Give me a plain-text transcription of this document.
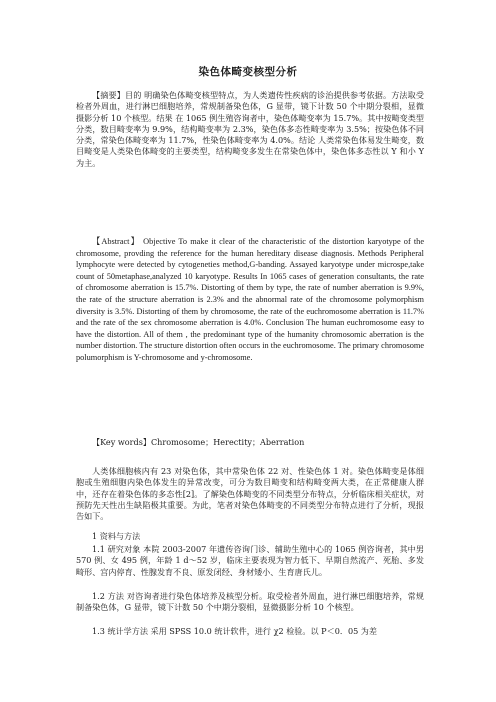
染色体畸变核型分析

【摘要】目的 明确染色体畸变核型特点，为人类遗传性疾病的诊治提供参考依据。方法取受检者外周血，进行淋巴细胞培养，常规制备染色体，G 显带，镜下计数 50 个中期分裂相，显微摄影分析 10 个核型。结果 在 1065 例生殖咨询者中，染色体畸变率为 15.7%。其中按畸变类型分类，数目畸变率为 9.9%，结构畸变率为 2.3%，染色体多态性畸变率为 3.5%；按染色体不同分类，常染色体畸变率为 11.7%，性染色体畸变率为 4.0%。结论 人类常染色体易发生畸变，数目畸变是人类染色体畸变的主要类型，结构畸变多发生在常染色体中，染色体多态性以 Y 和小 Y 为主。

【Abstract】 Objective To make it clear of the characteristic of the distortion karyotype of the chromosome, provding the reference for the human hereditary disease diagnosis. Methods Peripheral lymphocyte were detected by cytogeneties method,G-banding. Assayed karyotype under microspe,take count of 50metaphase,analyzed 10 karyotype. Results In 1065 cases of generation consultants, the rate of chromosome aberration is 15.7%. Distorting of them by type, the rate of number aberration is 9.9%, the rate of the structure aberration is 2.3% and the abnormal rate of the chromosome polymorphism diversity is 3.5%. Distorting of them by chromosome, the rate of the euchromosome aberration is 11.7% and the rate of the sex chromosome aberration is 4.0%. Conclusion The human euchromosome easy to have the distortion. All of them , the predominant type of the humanity chromosomic aberration is the number distortion. The structure distortion often occurs in the euchromosome. The primary chromosome polumorphism is Y-chromosome and y-chromosome.

【Key words】Chromosome；Herectity；Aberration

人类体细胞核内有 23 对染色体，其中常染色体 22 对、性染色体 1 对。染色体畸变是体细胞或生殖细胞内染色体发生的异常改变，可分为数目畸变和结构畸变两大类，在正常健康人群中，还存在着染色体的多态性[2]。了解染色体畸变的不同类型分布特点，分析临床相关症状，对预防先天性出生缺陷极其重要。为此，笔者对染色体畸变的不同类型分布特点进行了分析，现报告如下。

1 资料与方法

1.1 研究对象 本院 2003-2007 年遗传咨询门诊、辅助生殖中心的 1065 例咨询者，其中男 570 例、女 495 例，年龄 1 d～52 岁，临床主要表现为智力低下、早期自然流产、死胎、多发畸形、宫内停育、性腺发育不良、原发闭经、身材矮小、生育唐氏儿。

1.2 方法 对咨询者进行染色体培养及核型分析。取受检者外周血，进行淋巴细胞培养，常规制备染色体，G 显带，镜下计数 50 个中期分裂相，显微摄影分析 10 个核型。

1.3 统计学方法 采用 SPSS 10.0 统计软件，进行 χ2 检验。以 P＜0．05 为差
